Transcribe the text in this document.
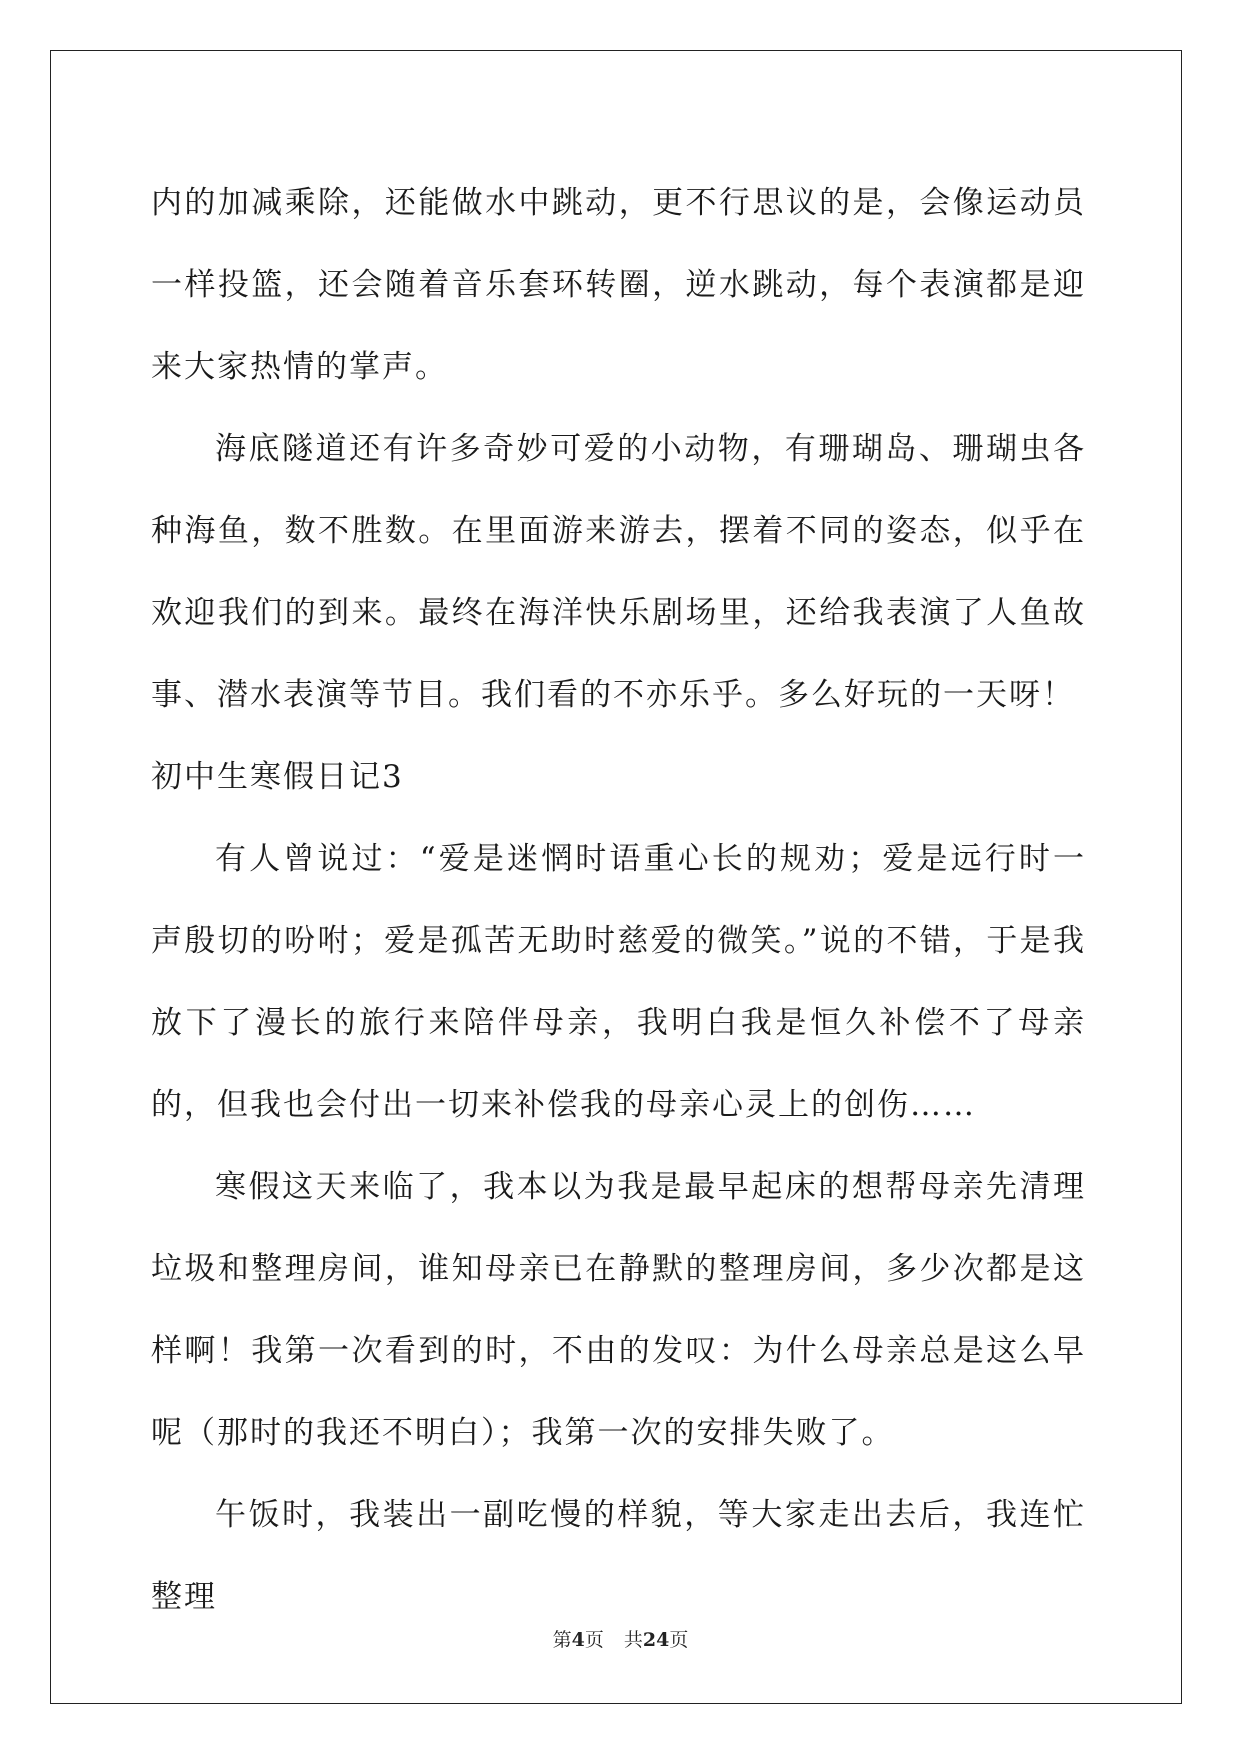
内的加减乘除，还能做水中跳动，更不行思议的是，会像运动员一样投篮，还会随着音乐套环转圈，逆水跳动，每个表演都是迎来大家热情的掌声。

海底隧道还有许多奇妙可爱的小动物，有珊瑚岛、珊瑚虫各种海鱼，数不胜数。在里面游来游去，摆着不同的姿态，似乎在欢迎我们的到来。最终在海洋快乐剧场里，还给我表演了人鱼故事、潜水表演等节目。我们看的不亦乐乎。多么好玩的一天呀！

初中生寒假日记3

有人曾说过：“爱是迷惘时语重心长的规劝；爱是远行时一声殷切的吩咐；爱是孤苦无助时慈爱的微笑。”说的不错，于是我放下了漫长的旅行来陪伴母亲，我明白我是恒久补偿不了母亲的，但我也会付出一切来补偿我的母亲心灵上的创伤……

寒假这天来临了，我本以为我是最早起床的想帮母亲先清理垃圾和整理房间，谁知母亲已在静默的整理房间，多少次都是这样啊！我第一次看到的时，不由的发叹：为什么母亲总是这么早呢（那时的我还不明白）；我第一次的安排失败了。

午饭时，我装出一副吃慢的样貌，等大家走出去后，我连忙整理

第4页 共24页
